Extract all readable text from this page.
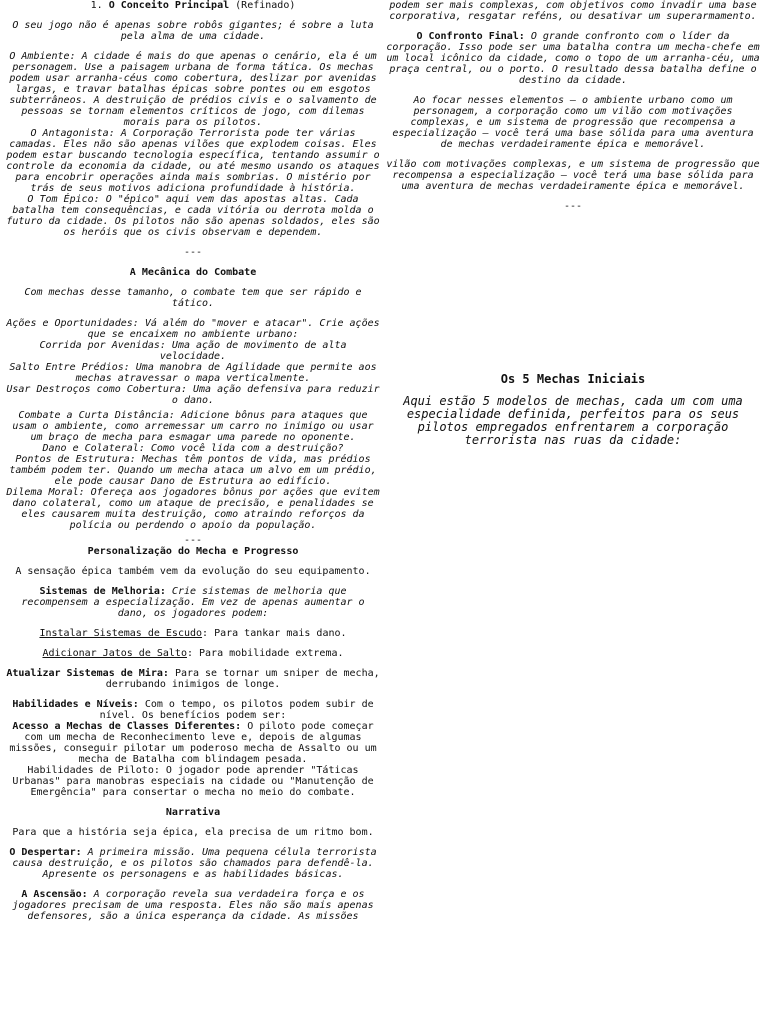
1. O Conceito Principal (Refinado)

O seu jogo não é apenas sobre robôs gigantes; é sobre a luta pela alma de uma cidade.

O Ambiente: A cidade é mais do que apenas o cenário, ela é um personagem. Use a paisagem urbana de forma tática. Os mechas podem usar arranha-céus como cobertura, deslizar por avenidas largas, e travar batalhas épicas sobre pontes ou em esgotos subterrâneos. A destruição de prédios civis e o salvamento de pessoas se tornam elementos críticos de jogo, com dilemas morais para os pilotos.

O Antagonista: A Corporação Terrorista pode ter várias camadas. Eles não são apenas vilões que explodem coisas. Eles podem estar buscando tecnologia específica, tentando assumir o controle da economia da cidade, ou até mesmo usando os ataques para encobrir operações ainda mais sombrias. O mistério por trás de seus motivos adiciona profundidade à história.

O Tom Épico: O "épico" aqui vem das apostas altas. Cada batalha tem consequências, e cada vitória ou derrota molda o futuro da cidade. Os pilotos não são apenas soldados, eles são os heróis que os civis observam e dependem.

---

A Mecânica do Combate

Com mechas desse tamanho, o combate tem que ser rápido e tático.

Ações e Oportunidades: Vá além do "mover e atacar". Crie ações que se encaixem no ambiente urbano:

Corrida por Avenidas: Uma ação de movimento de alta velocidade.

Salto Entre Prédios: Uma manobra de Agilidade que permite aos mechas atravessar o mapa verticalmente.

Usar Destroços como Cobertura: Uma ação defensiva para reduzir o dano.

Combate a Curta Distância: Adicione bônus para ataques que usam o ambiente, como arremessar um carro no inimigo ou usar um braço de mecha para esmagar uma parede no oponente.

Dano e Colateral: Como você lida com a destruição?

Pontos de Estrutura: Mechas têm pontos de vida, mas prédios também podem ter. Quando um mecha ataca um alvo em um prédio, ele pode causar Dano de Estrutura ao edifício.

Dilema Moral: Ofereça aos jogadores bônus por ações que evitem dano colateral, como um ataque de precisão, e penalidades se eles causarem muita destruição, como atraindo reforços da polícia ou perdendo o apoio da população.

---

Personalização do Mecha e Progresso

A sensação épica também vem da evolução do seu equipamento.

Sistemas de Melhoria: Crie sistemas de melhoria que recompensem a especialização. Em vez de apenas aumentar o dano, os jogadores podem:

Instalar Sistemas de Escudo: Para tankar mais dano.

Adicionar Jatos de Salto: Para mobilidade extrema.

Atualizar Sistemas de Mira: Para se tornar um sniper de mecha, derrubando inimigos de longe.

Habilidades e Níveis: Com o tempo, os pilotos podem subir de nível. Os benefícios podem ser:

Acesso a Mechas de Classes Diferentes: O piloto pode começar com um mecha de Reconhecimento leve e, depois de algumas missões, conseguir pilotar um poderoso mecha de Assalto ou um mecha de Batalha com blindagem pesada.

Habilidades de Piloto: O jogador pode aprender "Táticas Urbanas" para manobras especiais na cidade ou "Manutenção de Emergência" para consertar o mecha no meio do combate.

Narrativa

Para que a história seja épica, ela precisa de um ritmo bom.

O Despertar: A primeira missão. Uma pequena célula terrorista causa destruição, e os pilotos são chamados para defendê-la. Apresente os personagens e as habilidades básicas.

A Ascensão: A corporação revela sua verdadeira força e os jogadores precisam de uma resposta. Eles não são mais apenas defensores, são a única esperança da cidade. As missões

podem ser mais complexas, com objetivos como invadir uma base corporativa, resgatar reféns, ou desativar um superarmamento.

O Confronto Final: O grande confronto com o líder da corporação. Isso pode ser uma batalha contra um mecha-chefe em um local icônico da cidade, como o topo de um arranha-céu, uma praça central, ou o porto. O resultado dessa batalha define o destino da cidade.

Ao focar nesses elementos – o ambiente urbano como um personagem, a corporação como um vilão com motivações complexas, e um sistema de progressão que recompensa a especialização – você terá uma base sólida para uma aventura de mechas verdadeiramente épica e memorável.

vilão com motivações complexas, e um sistema de progressão que recompensa a especialização – você terá uma base sólida para uma aventura de mechas verdadeiramente épica e memorável.

---

Os 5 Mechas Iniciais

Aqui estão 5 modelos de mechas, cada um com uma especialidade definida, perfeitos para os seus pilotos empregados enfrentarem a corporação terrorista nas ruas da cidade:
